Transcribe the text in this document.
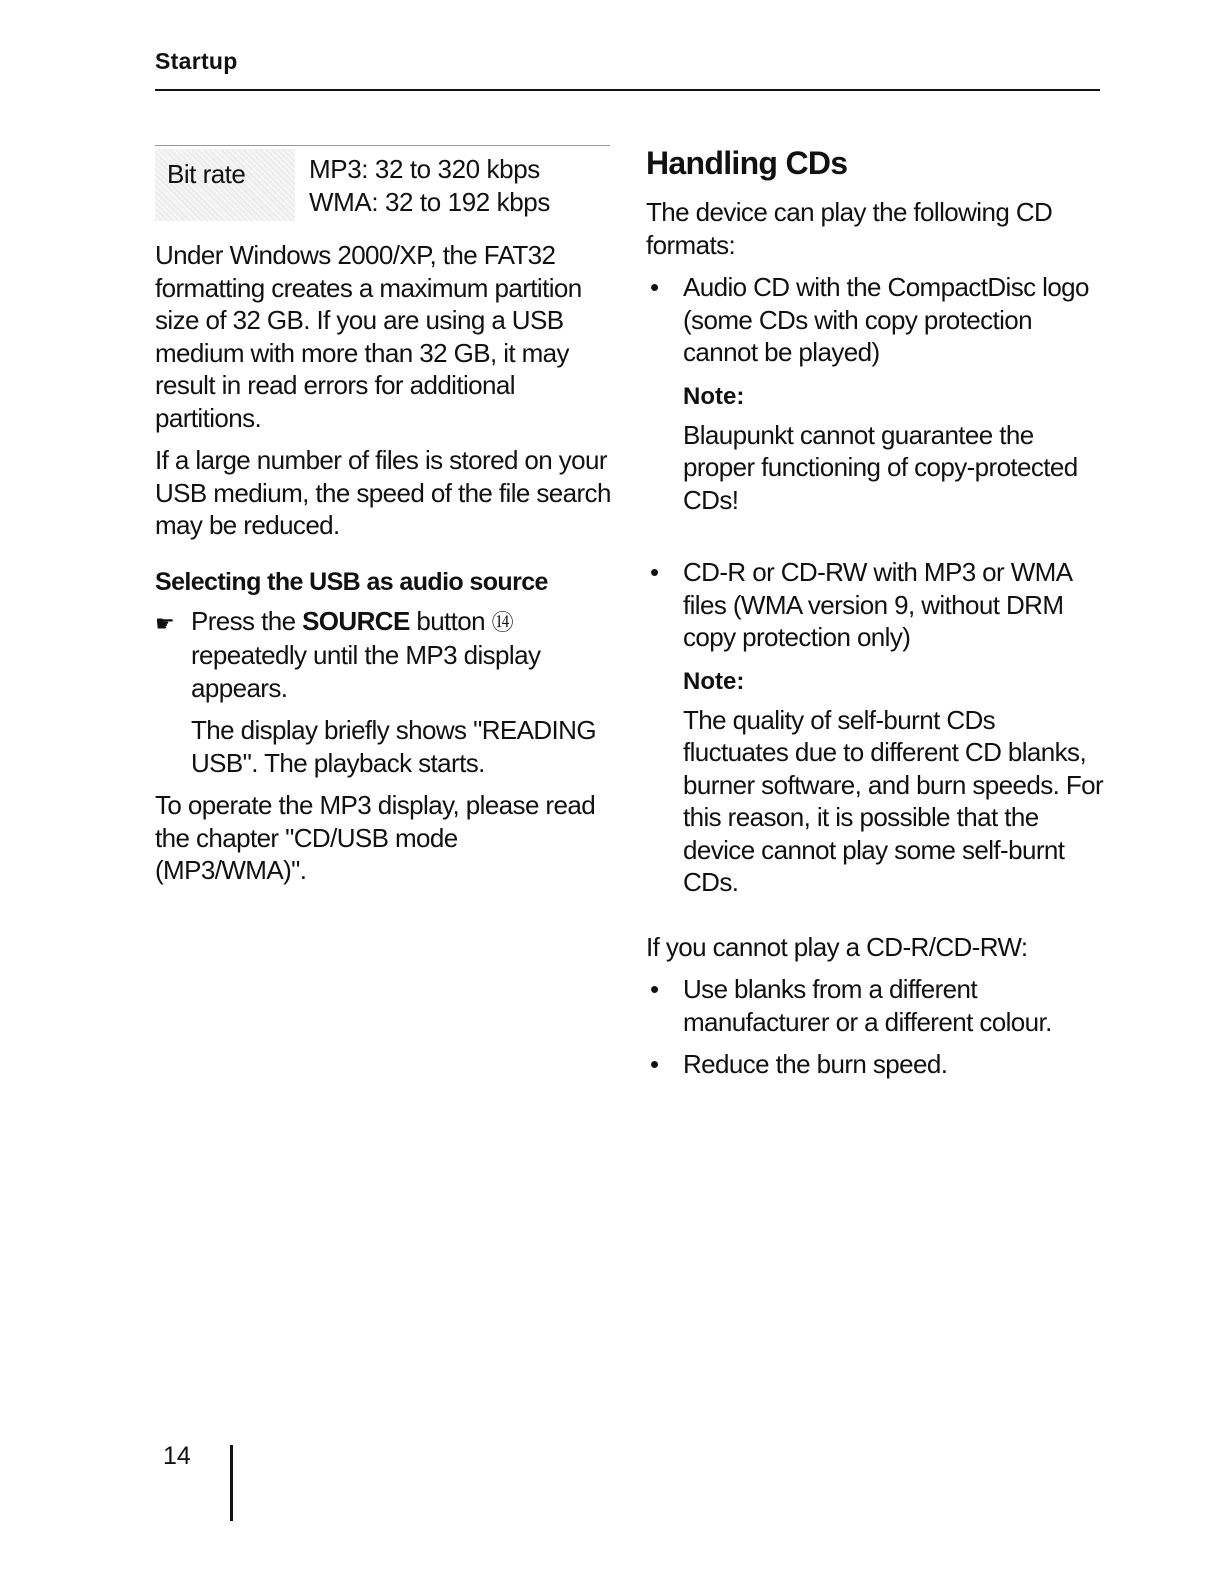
Startup
Bit rate MP3: 32 to 320 kbps
WMA: 32 to 192 kbps

Under Windows 2000/XP, the FAT32 formatting creates a maximum partition size of 32 GB. If you are using a USB medium with more than 32 GB, it may result in read errors for additional partitions.

If a large number of files is stored on your USB medium, the speed of the file search may be reduced.

Selecting the USB as audio source
☛ Press the SOURCE button ⑭ repeatedly until the MP3 display appears.

The display briefly shows "READING USB". The playback starts.

To operate the MP3 display, please read the chapter "CD/USB mode (MP3/WMA)".

Handling CDs

The device can play the following CD formats:

• Audio CD with the CompactDisc logo (some CDs with copy protection cannot be played)
Note:

Blaupunkt cannot guarantee the proper functioning of copy-protected CDs!

• CD-R or CD-RW with MP3 or WMA files (WMA version 9, without DRM copy protection only)
Note:

The quality of self-burnt CDs fluctuates due to different CD blanks, burner software, and burn speeds. For this reason, it is possible that the device cannot play some self-burnt CDs.

If you cannot play a CD-R/CD-RW:

• Use blanks from a different manufacturer or a different colour.
• Reduce the burn speed.
14
